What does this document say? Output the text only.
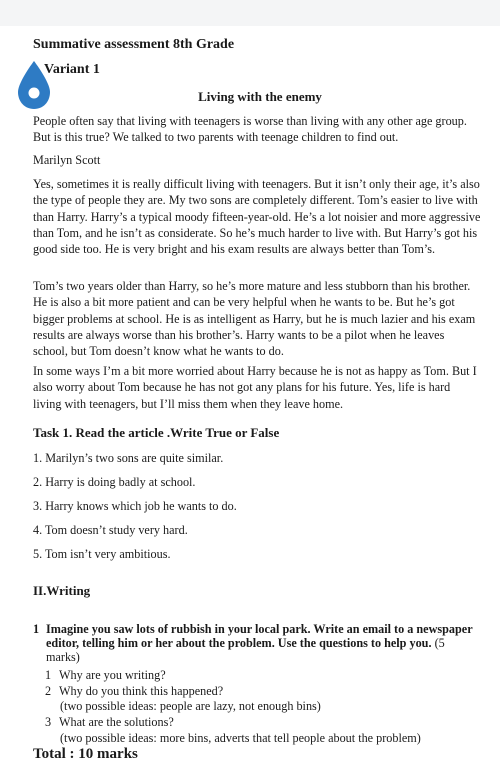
Summative assessment 8th Grade

Variant 1

Living with the enemy

People often say that living with teenagers is worse than living with any other age group. But is this true? We talked to two parents with teenage children to find out.

Marilyn Scott

Yes, sometimes it is really difficult living with teenagers. But it isn’t only their age, it’s also the type of people they are. My two sons are completely different. Tom’s easier to live with than Harry. Harry’s a typical moody fifteen-year-old. He’s a lot noisier and more aggressive than Tom, and he isn’t as considerate. So he’s much harder to live with. But Harry’s got his good side too. He is very bright and his exam results are always better than Tom’s.

Tom’s two years older than Harry, so he’s more mature and less stubborn than his brother. He is also a bit more patient and can be very helpful when he wants to be. But he’s got bigger problems at school. He is as intelligent as Harry, but he is much lazier and his exam results are always worse than his brother’s. Harry wants to be a pilot when he leaves school, but Tom doesn’t know what he wants to do.

In some ways I’m a bit more worried about Harry because he is not as happy as Tom. But I also worry about Tom because he has not got any plans for his future. Yes, life is hard living with teenagers, but I’ll miss them when they leave home.

Task 1. Read the article .Write True or False

1. Marilyn’s two sons are quite similar.

2. Harry is doing badly at school.

3. Harry knows which job he wants to do.

4. Tom doesn’t study very hard.

5. Tom isn’t very ambitious.

II.Writing

1 Imagine you saw lots of rubbish in your local park. Write an email to a newspaper editor, telling him or her about the problem. Use the questions to help you. (5 marks)

1 Why are you writing?

2 Why do you think this happened?

(two possible ideas: people are lazy, not enough bins)

3 What are the solutions?

(two possible ideas: more bins, adverts that tell people about the problem)

Total : 10 marks
